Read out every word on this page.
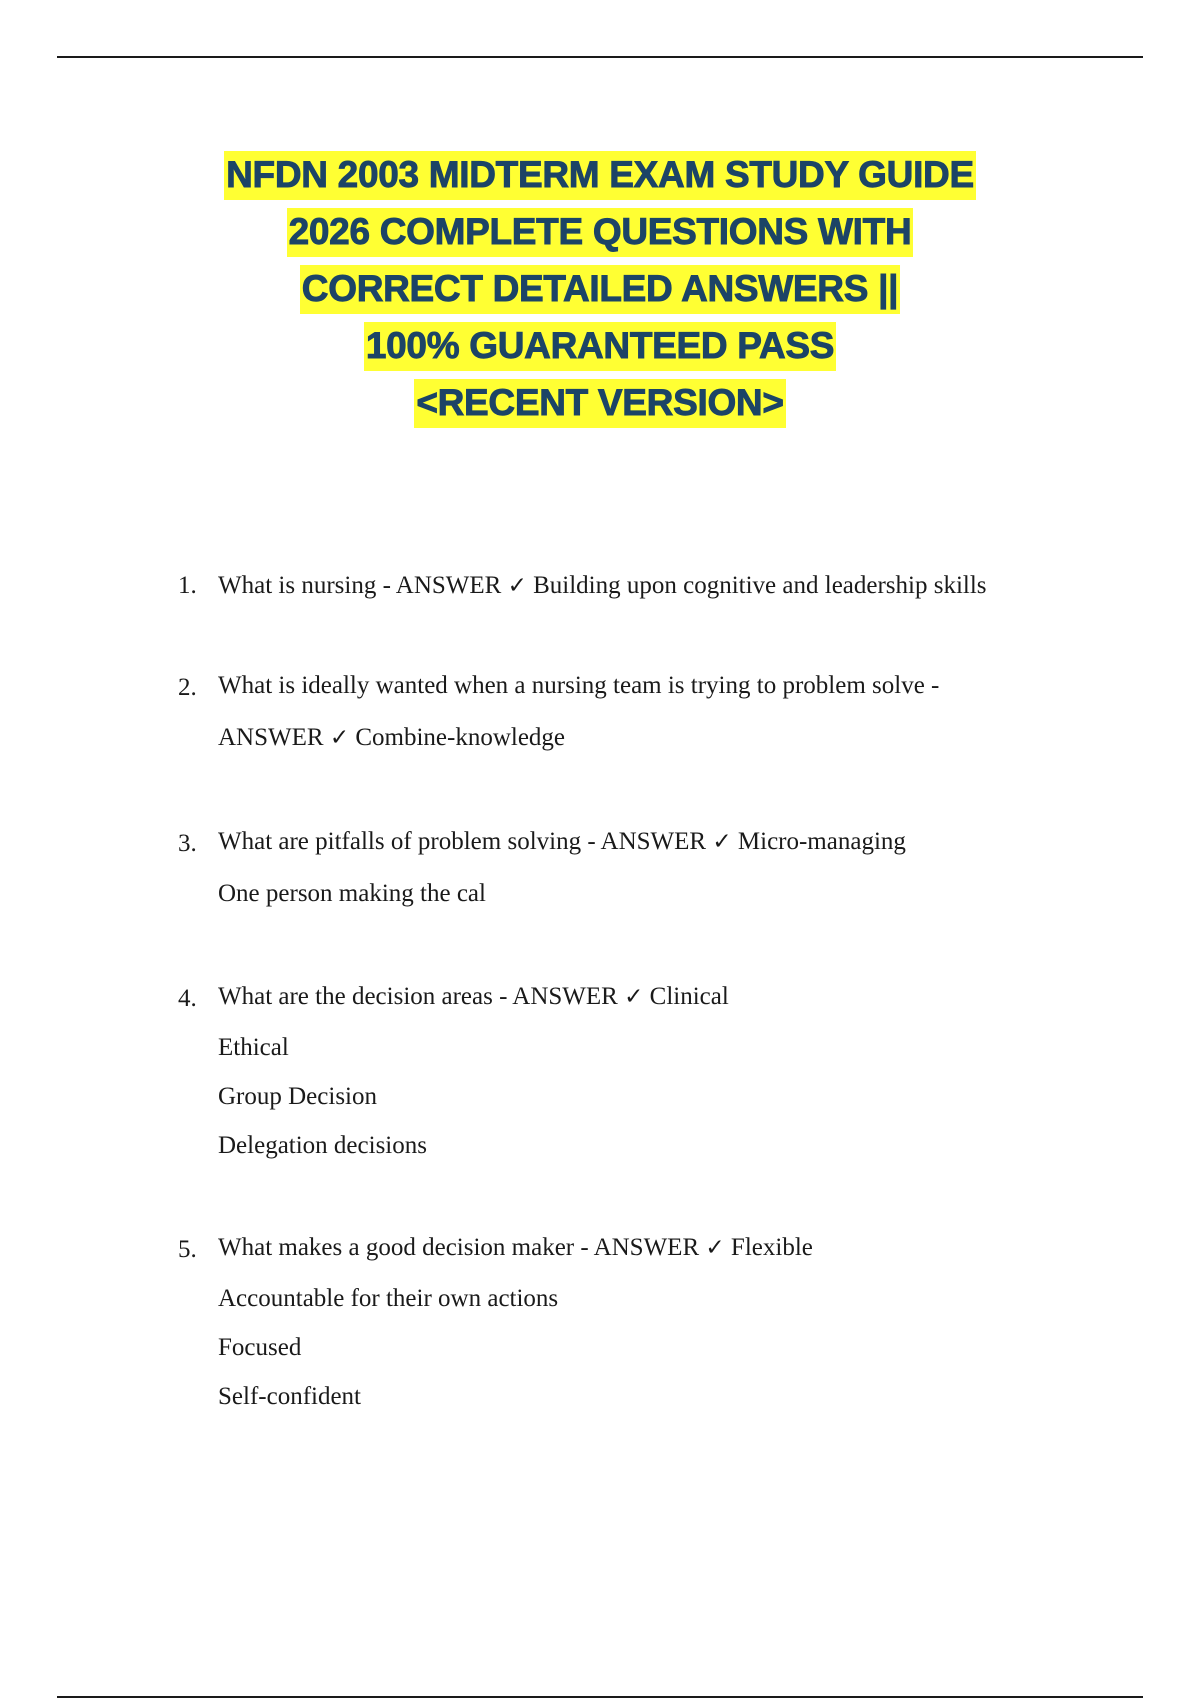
NFDN 2003 MIDTERM EXAM STUDY GUIDE
2026 COMPLETE QUESTIONS WITH
CORRECT DETAILED ANSWERS ||
100% GUARANTEED PASS
<RECENT VERSION>
1. What is nursing - ANSWER ✓ Building upon cognitive and leadership skills
2. What is ideally wanted when a nursing team is trying to problem solve -
ANSWER ✓ Combine-knowledge
3. What are pitfalls of problem solving - ANSWER ✓ Micro-managing
One person making the cal
4. What are the decision areas - ANSWER ✓ Clinical
Ethical
Group Decision
Delegation decisions
5. What makes a good decision maker - ANSWER ✓ Flexible
Accountable for their own actions
Focused
Self-confident
